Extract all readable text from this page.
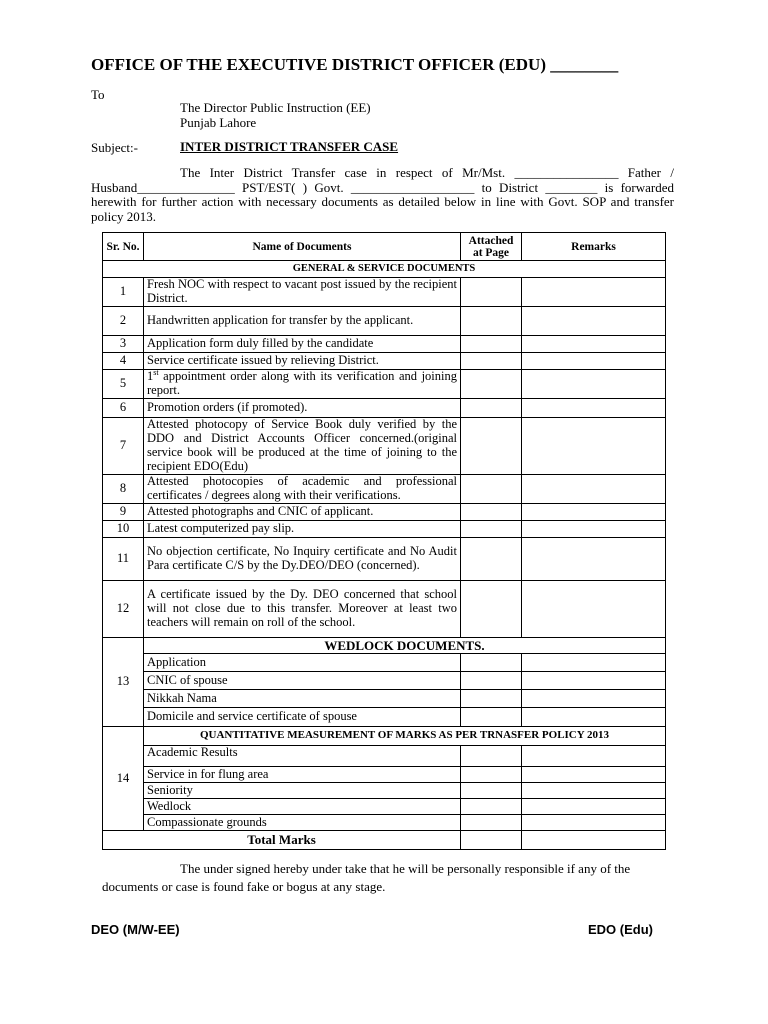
OFFICE OF THE EXECUTIVE DISTRICT OFFICER (EDU) ________
To
The Director Public Instruction (EE)
Punjab Lahore
Subject:-	INTER DISTRICT TRANSFER CASE
The Inter District Transfer case in respect of Mr/Mst. ________________ Father / Husband_______________ PST/EST( ) Govt. ___________________ to District ________ is forwarded herewith for further action with necessary documents as detailed below in line with Govt. SOP and transfer policy 2013.
Sr. No.	Name of Documents	Attached at Page	Remarks
GENERAL & SERVICE DOCUMENTS			
1	Fresh NOC with respect to vacant post issued by the recipient District.		
2	Handwritten application for transfer by the applicant.		
3	Application form duly filled by the candidate		
4	Service certificate issued by relieving District.		
5	1st appointment order along with its verification and joining report.		
6	Promotion orders (if promoted).		
7	Attested photocopy of Service Book duly verified by the DDO and District Accounts Officer concerned.(original service book will be produced at the time of joining to the recipient EDO(Edu)		
8	Attested photocopies of academic and professional certificates / degrees along with their verifications.		
9	Attested photographs and CNIC of applicant.		
10	Latest computerized pay slip.		
11	No objection certificate, No Inquiry certificate and No Audit Para certificate C/S by the Dy.DEO/DEO (concerned).		
12	A certificate issued by the Dy. DEO concerned that school will not close due to this transfer. Moreover at least two teachers will remain on roll of the school.		
13	WEDLOCK DOCUMENTS.		
	Application		
	CNIC of spouse		
	Nikkah Nama		
	Domicile and service certificate of spouse		
14	QUANTITATIVE MEASUREMENT OF MARKS AS PER TRNASFER POLICY 2013		
	Academic Results		
	Service in for flung area		
	Seniority		
	Wedlock		
	Compassionate grounds		
Total Marks			
The under signed hereby under take that he will be personally responsible if any of the documents or case is found fake or bogus at any stage.
DEO (M/W-EE)	EDO (Edu)
